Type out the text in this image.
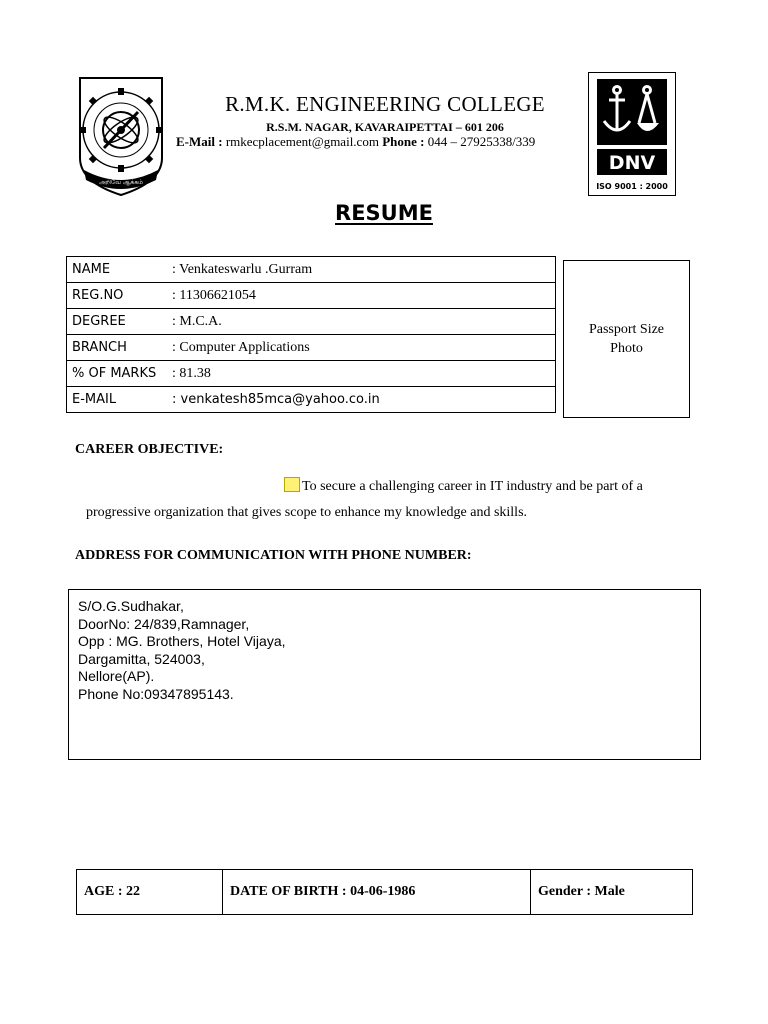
அறிவே ஆக்கம்
DNV
ISO 9001 : 2000
R.M.K. ENGINEERING COLLEGE
R.S.M. NAGAR, KAVARAIPETTAI – 601 206
E-Mail : rmkecplacement@gmail.com Phone : 044 – 27925338/339
RESUME
NAME	: Venkateswarlu .Gurram
REG.NO	: 11306621054
DEGREE	: M.C.A.
BRANCH	: Computer Applications
% OF MARKS : 81.38
E-MAIL	: venkatesh85mca@yahoo.co.in
Passport Size
Photo
CAREER OBJECTIVE:
To secure a challenging career in IT industry and be part of a
progressive organization that gives scope to enhance my knowledge and skills.
ADDRESS FOR COMMUNICATION WITH PHONE NUMBER:
S/O.G.Sudhakar,
DoorNo: 24/839,Ramnager,
Opp : MG. Brothers, Hotel Vijaya,
Dargamitta, 524003,
Nellore(AP).
Phone No:09347895143.
AGE : 22	DATE OF BIRTH : 04-06-1986	Gender : Male
